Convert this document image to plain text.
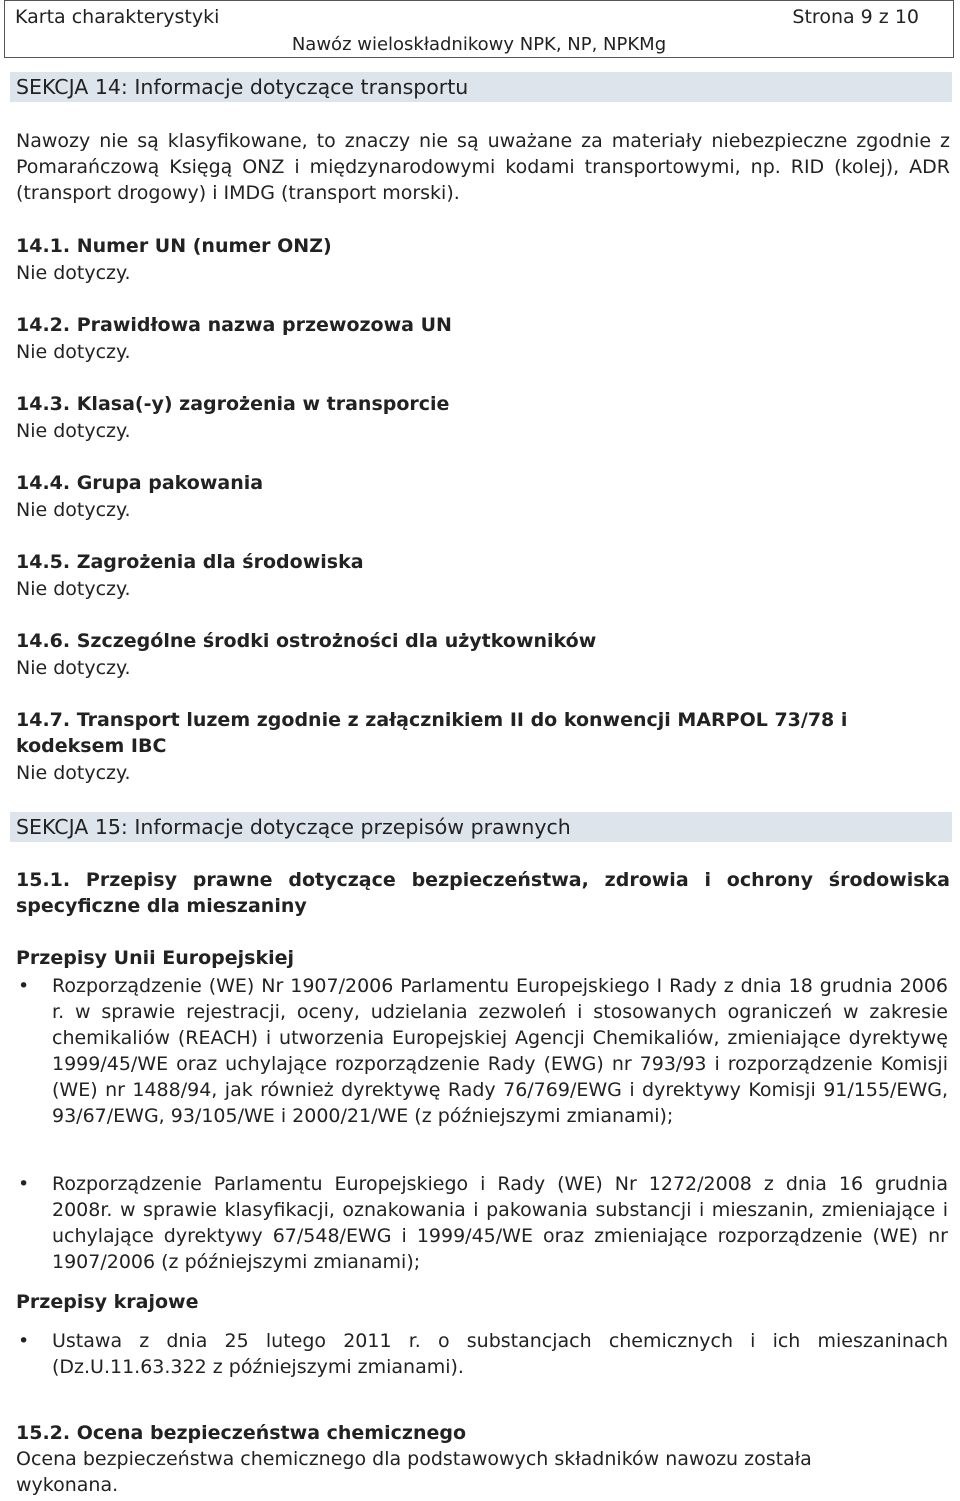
Karta charakterystyki	Strona 9 z 10
Nawóz wieloskładnikowy NPK, NP, NPKMg
SEKCJA 14: Informacje dotyczące transportu

Nawozy nie są klasyfikowane, to znaczy nie są uważane za materiały niebezpieczne zgodnie z Pomarańczową Księgą ONZ i międzynarodowymi kodami transportowymi, np. RID (kolej), ADR (transport drogowy) i IMDG (transport morski).

14.1. Numer UN (numer ONZ)
Nie dotyczy.
14.2. Prawidłowa nazwa przewozowa UN
Nie dotyczy.
14.3. Klasa(-y) zagrożenia w transporcie
Nie dotyczy.
14.4. Grupa pakowania
Nie dotyczy.
14.5. Zagrożenia dla środowiska
Nie dotyczy.
14.6. Szczególne środki ostrożności dla użytkowników
Nie dotyczy.

14.7. Transport luzem zgodnie z załącznikiem II do konwencji MARPOL 73/78 i kodeksem IBC

Nie dotyczy.
SEKCJA 15: Informacje dotyczące przepisów prawnych

15.1. Przepisy prawne dotyczące bezpieczeństwa, zdrowia i ochrony środowiska specyficzne dla mieszaniny

Przepisy Unii Europejskiej
• Rozporządzenie (WE) Nr 1907/2006 Parlamentu Europejskiego I Rady z dnia 18 grudnia 2006 r. w sprawie rejestracji, oceny, udzielania zezwoleń i stosowanych ograniczeń w zakresie chemikaliów (REACH) i utworzenia Europejskiej Agencji Chemikaliów, zmieniające dyrektywę 1999/45/WE oraz uchylające rozporządzenie Rady (EWG) nr 793/93 i rozporządzenie Komisji (WE) nr 1488/94, jak również dyrektywę Rady 76/769/EWG i dyrektywy Komisji 91/155/EWG, 93/67/EWG, 93/105/WE i 2000/21/WE (z późniejszymi zmianami);

• Rozporządzenie Parlamentu Europejskiego i Rady (WE) Nr 1272/2008 z dnia 16 grudnia 2008r. w sprawie klasyfikacji, oznakowania i pakowania substancji i mieszanin, zmieniające i uchylające dyrektywy 67/548/EWG i 1999/45/WE oraz zmieniające rozporządzenie (WE) nr 1907/2006 (z późniejszymi zmianami);

Przepisy krajowe
• Ustawa z dnia 25 lutego 2011 r. o substancjach chemicznych i ich mieszaninach (Dz.U.11.63.322 z późniejszymi zmianami).

15.2. Ocena bezpieczeństwa chemicznego

Ocena bezpieczeństwa chemicznego dla podstawowych składników nawozu została wykonana.
